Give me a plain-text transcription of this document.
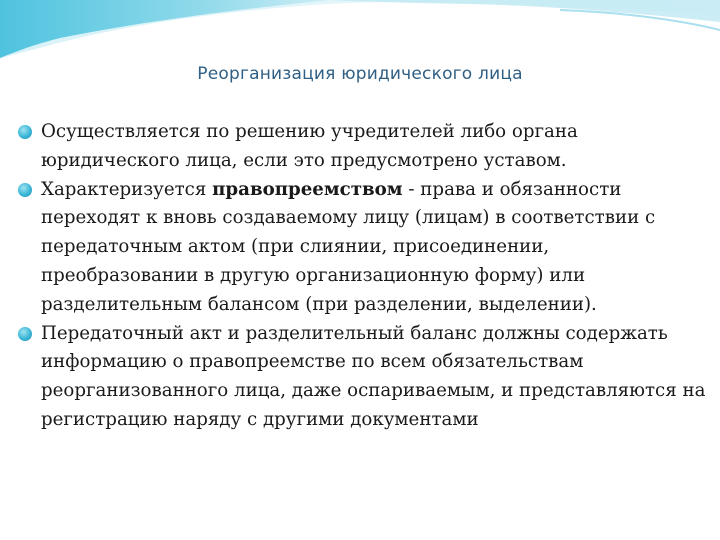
Реорганизация юридического лица
Осуществляется по решению учредителей либо органа юридического лица, если это предусмотрено уставом.
Характеризуется правопреемством - права и обязанности переходят к вновь создаваемому лицу (лицам) в соответствии с передаточным актом (при слиянии, присоединении, преобразовании в другую организационную форму) или разделительным балансом (при разделении, выделении).
Передаточный акт и разделительный баланс должны содержать информацию о правопреемстве по всем обязательствам реорганизованного лица, даже оспариваемым, и представляются на регистрацию наряду с другими документами
